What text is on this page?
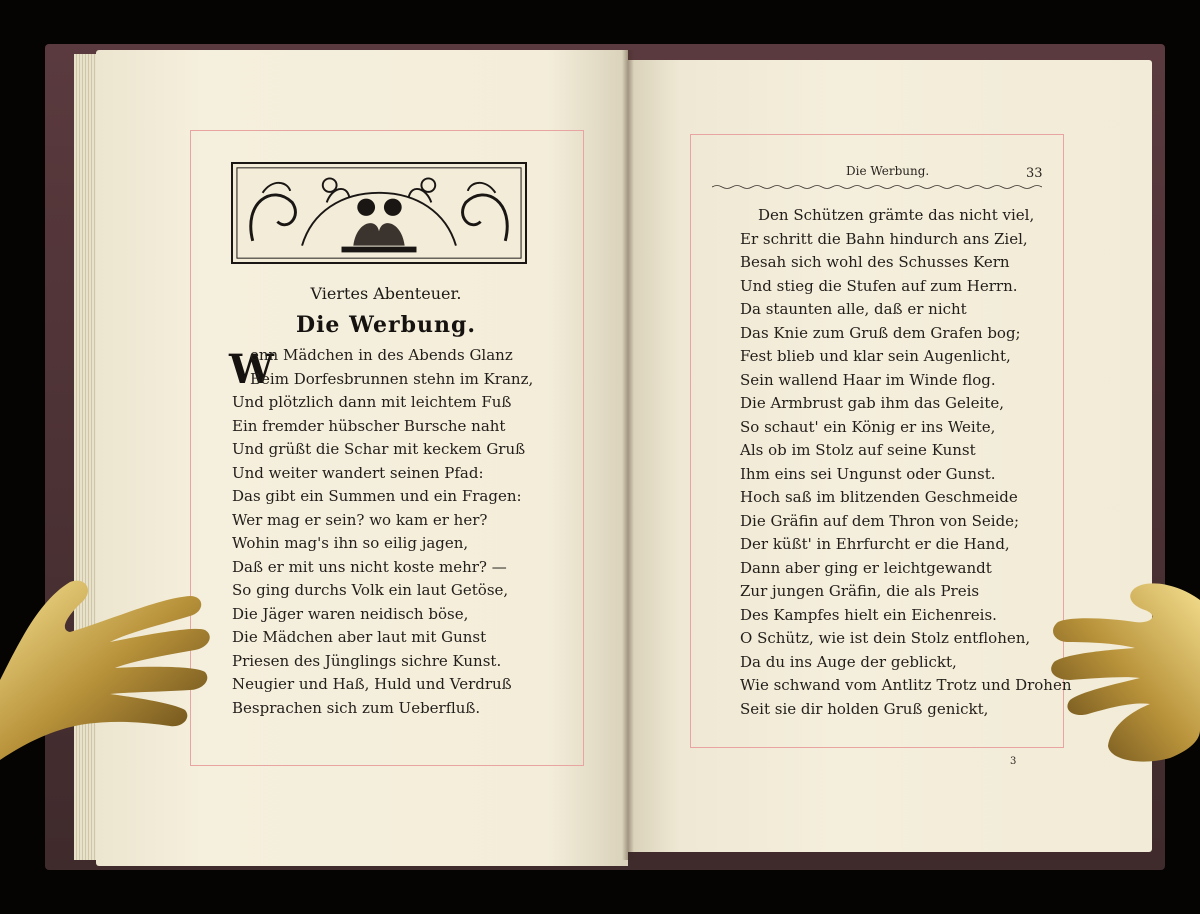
Viertes Abenteuer.
Die Werbung.
W
enn Mädchen in des Abends Glanz
Beim Dorfesbrunnen stehn im Kranz,
Und plötzlich dann mit leichtem Fuß
Ein fremder hübscher Bursche naht
Und grüßt die Schar mit keckem Gruß
Und weiter wandert seinen Pfad:
Das gibt ein Summen und ein Fragen:
Wer mag er sein? wo kam er her?
Wohin mag's ihn so eilig jagen,
Daß er mit uns nicht koste mehr? —
So ging durchs Volk ein laut Getöse,
Die Jäger waren neidisch böse,
Die Mädchen aber laut mit Gunst
Priesen des Jünglings sichre Kunst.
Neugier und Haß, Huld und Verdruß
Besprachen sich zum Ueberfluß.
Die Werbung.	33
Den Schützen grämte das nicht viel,
Er schritt die Bahn hindurch ans Ziel,
Besah sich wohl des Schusses Kern
Und stieg die Stufen auf zum Herrn.
Da staunten alle, daß er nicht
Das Knie zum Gruß dem Grafen bog;
Fest blieb und klar sein Augenlicht,
Sein wallend Haar im Winde flog.
Die Armbrust gab ihm das Geleite,
So schaut' ein König er ins Weite,
Als ob im Stolz auf seine Kunst
Ihm eins sei Ungunst oder Gunst.
Hoch saß im blitzenden Geschmeide
Die Gräfin auf dem Thron von Seide;
Der küßt' in Ehrfurcht er die Hand,
Dann aber ging er leichtgewandt
Zur jungen Gräfin, die als Preis
Des Kampfes hielt ein Eichenreis.
O Schütz, wie ist dein Stolz entflohen,
Da du ins Auge der geblickt,
Wie schwand vom Antlitz Trotz und Drohen
Seit sie dir holden Gruß genickt,
3
